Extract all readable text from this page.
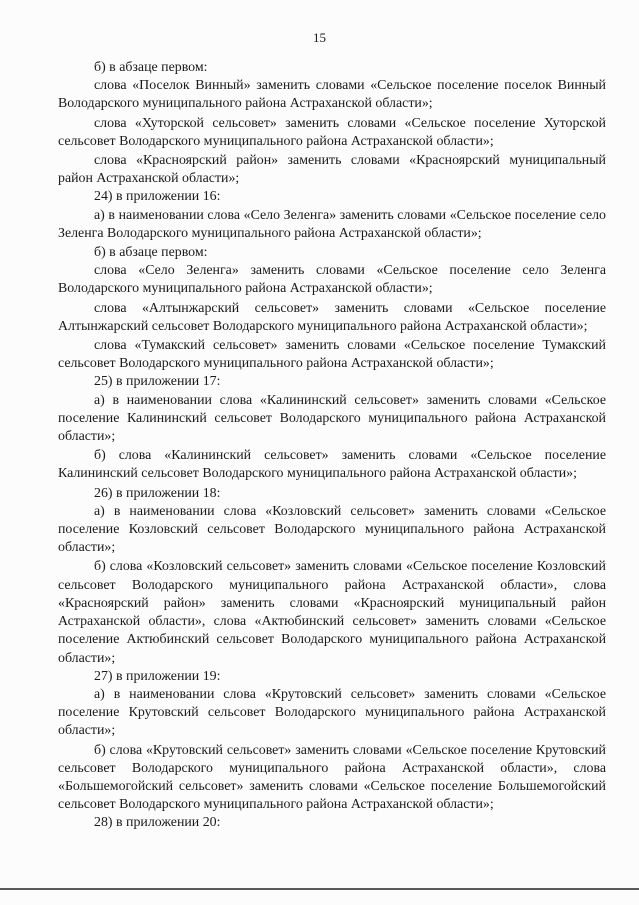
15

б) в абзаце первом:

слова «Поселок Винный» заменить словами «Сельское поселение поселок Винный Володарского муниципального района Астраханской области»;

слова «Хуторской сельсовет» заменить словами «Сельское поселение Хуторской сельсовет Володарского муниципального района Астраханской области»;

слова «Красноярский район» заменить словами «Красноярский муниципальный район Астраханской области»;

24) в приложении 16:

а) в наименовании слова «Село Зеленга» заменить словами «Сельское поселение село Зеленга Володарского муниципального района Астраханской области»;

б) в абзаце первом:

слова «Село Зеленга» заменить словами «Сельское поселение село Зеленга Володарского муниципального района Астраханской области»;

слова «Алтынжарский сельсовет» заменить словами «Сельское поселение Алтынжарский сельсовет Володарского муниципального района Астраханской области»;

слова «Тумакский сельсовет» заменить словами «Сельское поселение Тумакский сельсовет Володарского муниципального района Астраханской области»;

25) в приложении 17:

а) в наименовании слова «Калининский сельсовет» заменить словами «Сельское поселение Калининский сельсовет Володарского муниципального района Астраханской области»;

б) слова «Калининский сельсовет» заменить словами «Сельское поселение Калининский сельсовет Володарского муниципального района Астраханской области»;

26) в приложении 18:

а) в наименовании слова «Козловский сельсовет» заменить словами «Сельское поселение Козловский сельсовет Володарского муниципального района Астраханской области»;

б) слова «Козловский сельсовет» заменить словами «Сельское поселение Козловский сельсовет Володарского муниципального района Астраханской области», слова «Красноярский район» заменить словами «Красноярский муниципальный район Астраханской области», слова «Актюбинский сельсовет» заменить словами «Сельское поселение Актюбинский сельсовет Володарского муниципального района Астраханской области»;

27) в приложении 19:

а) в наименовании слова «Крутовский сельсовет» заменить словами «Сельское поселение Крутовский сельсовет Володарского муниципального района Астраханской области»;

б) слова «Крутовский сельсовет» заменить словами «Сельское поселение Крутовский сельсовет Володарского муниципального района Астраханской области», слова «Большемогойский сельсовет» заменить словами «Сельское поселение Большемогойский сельсовет Володарского муниципального района Астраханской области»;

28) в приложении 20:
